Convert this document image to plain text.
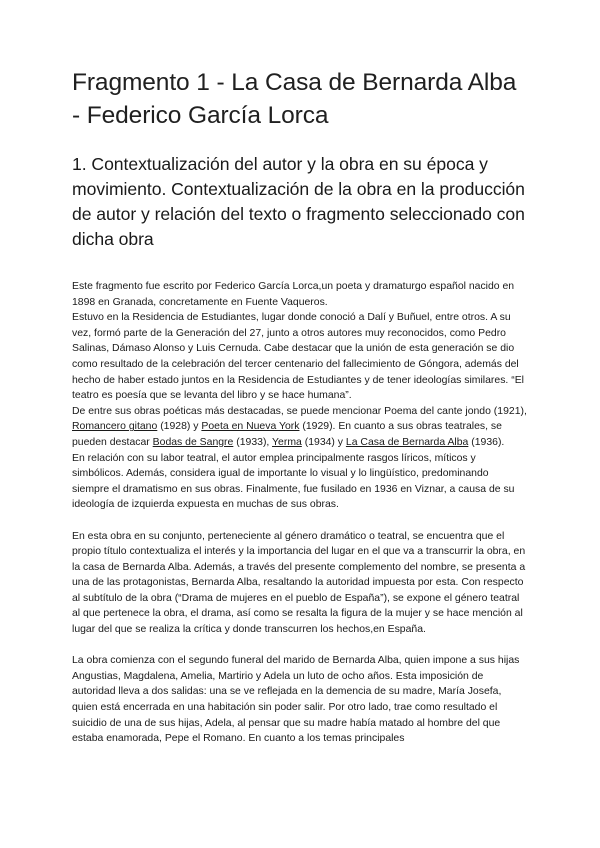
Fragmento 1 - La Casa de Bernarda Alba - Federico García Lorca
1. Contextualización del autor y la obra en su época y movimiento. Contextualización de la obra en la producción de autor y relación del texto o fragmento seleccionado con dicha obra

Este fragmento fue escrito por Federico García Lorca,un poeta y dramaturgo español nacido en 1898 en Granada, concretamente en Fuente Vaqueros.

Estuvo en la Residencia de Estudiantes, lugar donde conoció a Dalí y Buñuel, entre otros. A su vez, formó parte de la Generación del 27, junto a otros autores muy reconocidos, como Pedro Salinas, Dámaso Alonso y Luis Cernuda. Cabe destacar que la unión de esta generación se dio como resultado de la celebración del tercer centenario del fallecimiento de Góngora, además del hecho de haber estado juntos en la Residencia de Estudiantes y de tener ideologías similares. “El teatro es poesía que se levanta del libro y se hace humana”.

De entre sus obras poéticas más destacadas, se puede mencionar Poema del cante jondo (1921), Romancero gitano (1928) y Poeta en Nueva York (1929). En cuanto a sus obras teatrales, se pueden destacar Bodas de Sangre (1933), Yerma (1934) y La Casa de Bernarda Alba (1936).

En relación con su labor teatral, el autor emplea principalmente rasgos líricos, míticos y simbólicos. Además, considera igual de importante lo visual y lo lingüístico, predominando siempre el dramatismo en sus obras. Finalmente, fue fusilado en 1936 en Viznar, a causa de su ideología de izquierda expuesta en muchas de sus obras.

En esta obra en su conjunto, perteneciente al género dramático o teatral, se encuentra que el propio título contextualiza el interés y la importancia del lugar en el que va a transcurrir la obra, en la casa de Bernarda Alba. Además, a través del presente complemento del nombre, se presenta a una de las protagonistas, Bernarda Alba, resaltando la autoridad impuesta por esta. Con respecto al subtítulo de la obra (“Drama de mujeres en el pueblo de España”), se expone el género teatral al que pertenece la obra, el drama, así como se resalta la figura de la mujer y se hace mención al lugar del que se realiza la crítica y donde transcurren los hechos,en España.

La obra comienza con el segundo funeral del marido de Bernarda Alba, quien impone a sus hijas Angustias, Magdalena, Amelia, Martirio y Adela un luto de ocho años. Esta imposición de autoridad lleva a dos salidas: una se ve reflejada en la demencia de su madre, María Josefa, quien está encerrada en una habitación sin poder salir. Por otro lado, trae como resultado el suicidio de una de sus hijas, Adela, al pensar que su madre había matado al hombre del que estaba enamorada, Pepe el Romano. En cuanto a los temas principales
